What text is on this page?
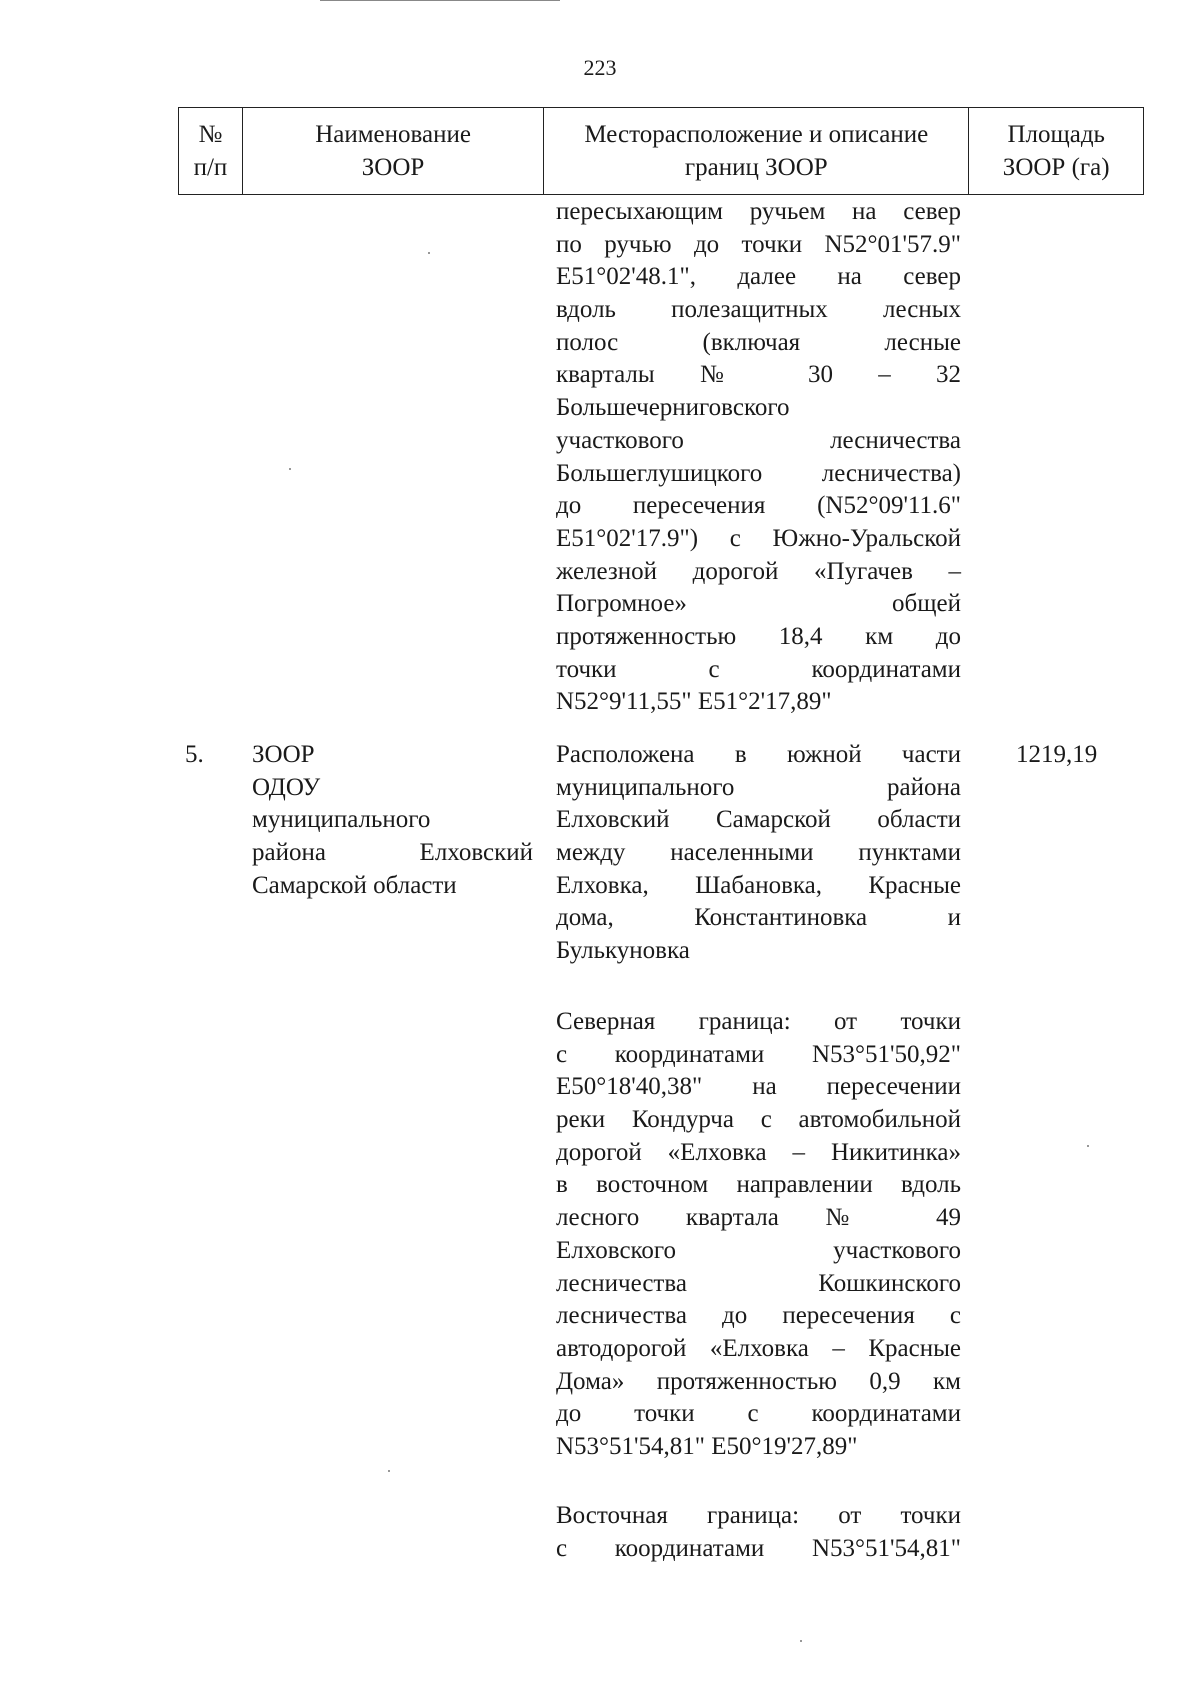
223
№
п/п
Наименование
ЗООР
Месторасположение и описание
границ ЗООР
Площадь
ЗООР (га)
пересыхающим ручьем на север
по ручью до точки N52°01'57.9"
E51°02'48.1", далее на север
вдоль полезащитных лесных
полос (включая лесные
кварталы № 30 – 32
Большечерниговского
участкового лесничества
Большеглушицкого лесничества)
до пересечения (N52°09'11.6"
E51°02'17.9") с Южно-Уральской
железной дорогой «Пугачев –
Погромное» общей
протяженностью 18,4 км до
точки с координатами
N52°9'11,55" E51°2'17,89"
5. ЗООР
ОДОУ
муниципального
района Елховский
Самарской области
1219,19
Расположена в южной части
муниципального района
Елховский Самарской области
между населенными пунктами
Елховка, Шабановка, Красные
дома, Константиновка и
Булькуновка
Северная граница: от точки
с координатами N53°51'50,92"
E50°18'40,38" на пересечении
реки Кондурча с автомобильной
дорогой «Елховка – Никитинка»
в восточном направлении вдоль
лесного квартала № 49
Елховского участкового
лесничества Кошкинского
лесничества до пересечения с
автодорогой «Елховка – Красные
Дома» протяженностью 0,9 км
до точки с координатами
N53°51'54,81" E50°19'27,89"
Восточная граница: от точки
с координатами N53°51'54,81"
